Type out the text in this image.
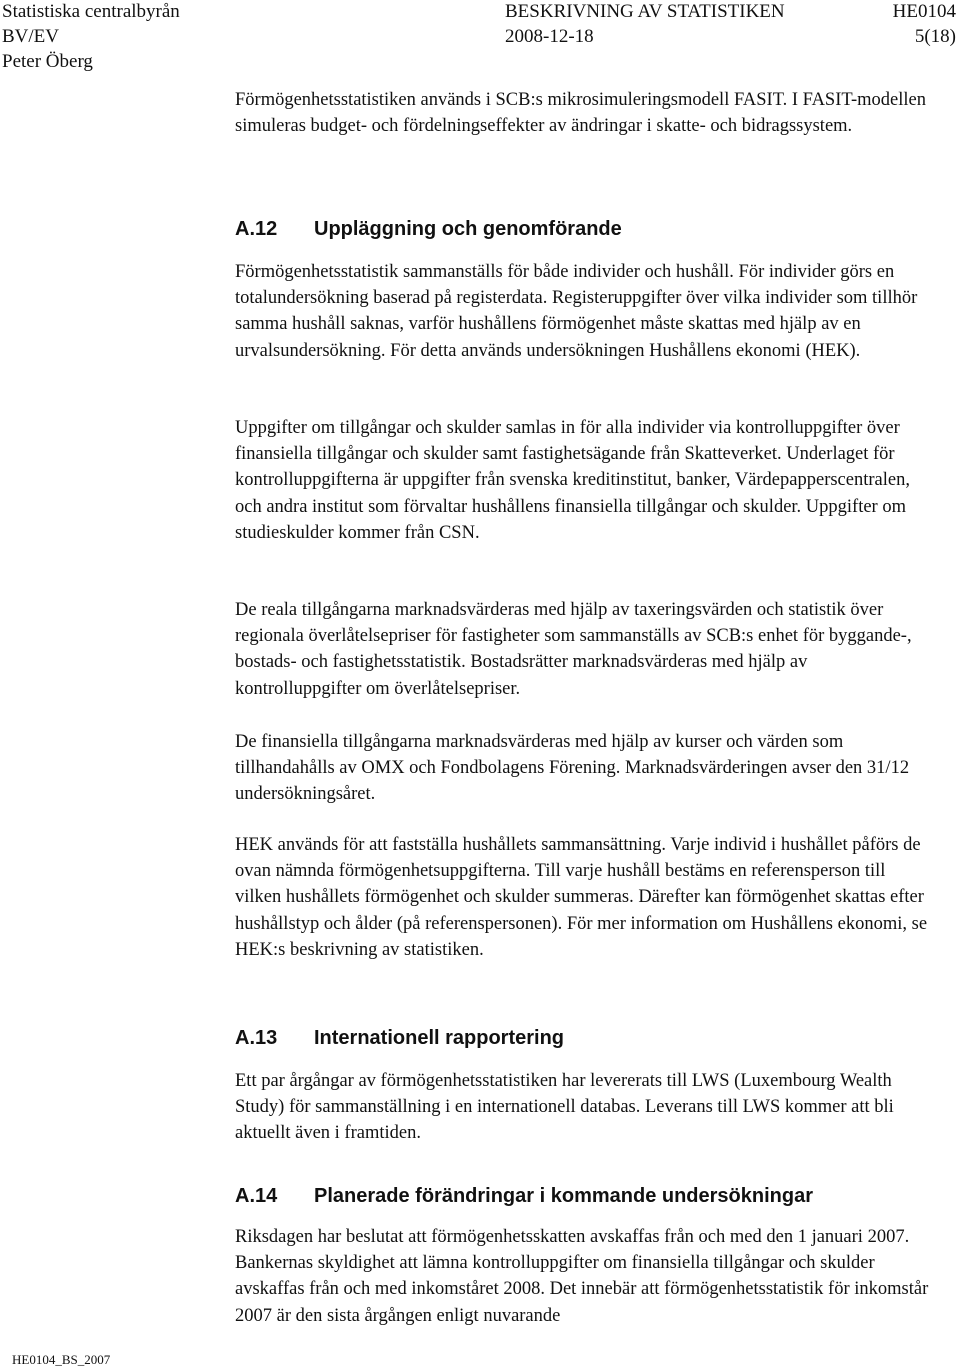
Statistiska centralbyrån	BESKRIVNING AV STATISTIKEN	HE0104
BV/EV	2008-12-18	5(18)
Peter Öberg

Förmögenhetsstatistiken används i SCB:s mikrosimuleringsmodell FASIT. I FASIT-modellen simuleras budget- och fördelningseffekter av ändringar i skatte- och bidragssystem.

A.12 Uppläggning och genomförande

Förmögenhetsstatistik sammanställs för både individer och hushåll. För individer görs en totalundersökning baserad på registerdata. Registeruppgifter över vilka individer som tillhör samma hushåll saknas, varför hushållens förmögenhet måste skattas med hjälp av en urvalsundersökning. För detta används undersökningen Hushållens ekonomi (HEK).

Uppgifter om tillgångar och skulder samlas in för alla individer via kontrolluppgifter över finansiella tillgångar och skulder samt fastighetsägande från Skatteverket. Underlaget för kontrolluppgifterna är uppgifter från svenska kreditinstitut, banker, Värdepapperscentralen, och andra institut som förvaltar hushållens finansiella tillgångar och skulder. Uppgifter om studieskulder kommer från CSN.

De reala tillgångarna marknadsvärderas med hjälp av taxeringsvärden och statistik över regionala överlåtelsepriser för fastigheter som sammanställs av SCB:s enhet för byggande-, bostads- och fastighetsstatistik. Bostadsrätter marknadsvärderas med hjälp av kontrolluppgifter om överlåtelsepriser.

De finansiella tillgångarna marknadsvärderas med hjälp av kurser och värden som tillhandahålls av OMX och Fondbolagens Förening. Marknadsvärderingen avser den 31/12 undersökningsåret.

HEK används för att fastställa hushållets sammansättning. Varje individ i hushållet påförs de ovan nämnda förmögenhetsuppgifterna. Till varje hushåll bestäms en referensperson till vilken hushållets förmögenhet och skulder summeras. Därefter kan förmögenhet skattas efter hushållstyp och ålder (på referenspersonen). För mer information om Hushållens ekonomi, se HEK:s beskrivning av statistiken.

A.13 Internationell rapportering

Ett par årgångar av förmögenhetsstatistiken har levererats till LWS (Luxembourg Wealth Study) för sammanställning i en internationell databas. Leverans till LWS kommer att bli aktuellt även i framtiden.

A.14 Planerade förändringar i kommande undersökningar

Riksdagen har beslutat att förmögenhetsskatten avskaffas från och med den 1 januari 2007. Bankernas skyldighet att lämna kontrolluppgifter om finansiella tillgångar och skulder avskaffas från och med inkomståret 2008. Det innebär att förmögenhetsstatistik för inkomstår 2007 är den sista årgången enligt nuvarande

HE0104_BS_2007
